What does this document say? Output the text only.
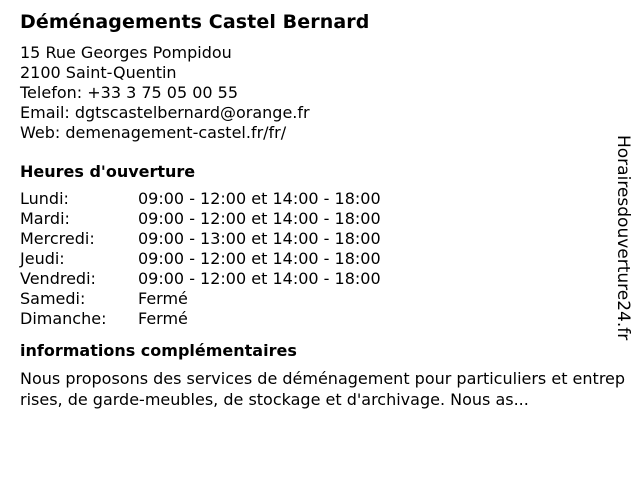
Déménagements Castel Bernard
15 Rue Georges Pompidou
2100 Saint-Quentin
Telefon: +33 3 75 05 00 55
Email: dgtscastelbernard@orange.fr
Web: demenagement-castel.fr/fr/
Heures d'ouverture
Lundi:	09:00 - 12:00 et 14:00 - 18:00
Mardi:	09:00 - 12:00 et 14:00 - 18:00
Mercredi:	09:00 - 13:00 et 14:00 - 18:00
Jeudi:	09:00 - 12:00 et 14:00 - 18:00
Vendredi:	09:00 - 12:00 et 14:00 - 18:00
Samedi:	Fermé
Dimanche:	Fermé
informations complémentaires
Nous proposons des services de déménagement pour particuliers et entreprises, de garde-meubles, de stockage et d'archivage. Nous as...
Horairesdouverture24.fr
